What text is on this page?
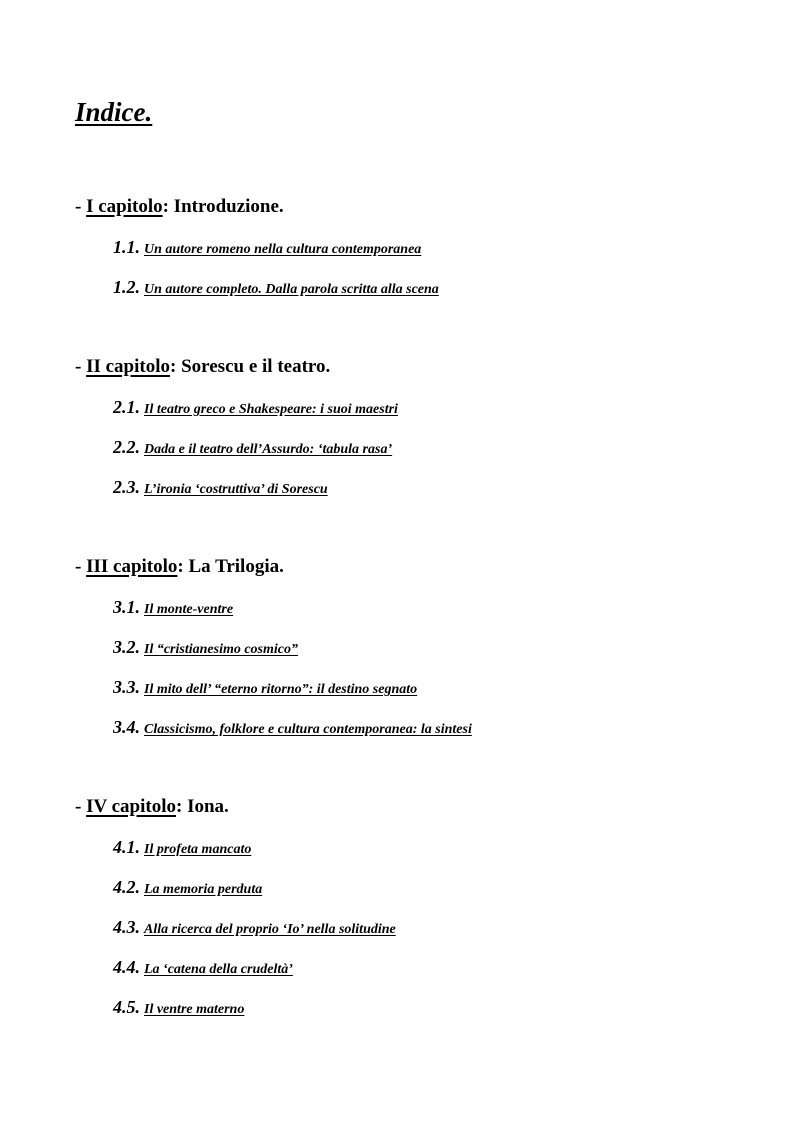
Indice.
- I capitolo: Introduzione.
1.1. Un autore romeno nella cultura contemporanea
1.2. Un autore completo. Dalla parola scritta alla scena
- II capitolo: Sorescu e il teatro.
2.1. Il teatro greco e Shakespeare: i suoi maestri
2.2. Dada e il teatro dell’Assurdo: ‘tabula rasa’
2.3. L’ironia ‘costruttiva’ di Sorescu
- III capitolo: La Trilogia.
3.1. Il monte-ventre
3.2. Il “cristianesimo cosmico”
3.3. Il mito dell’ “eterno ritorno”: il destino segnato
3.4. Classicismo, folklore e cultura contemporanea: la sintesi
- IV capitolo: Iona.
4.1. Il profeta mancato
4.2. La memoria perduta
4.3. Alla ricerca del proprio ‘Io’ nella solitudine
4.4. La ‘catena della crudeltà’
4.5. Il ventre materno
